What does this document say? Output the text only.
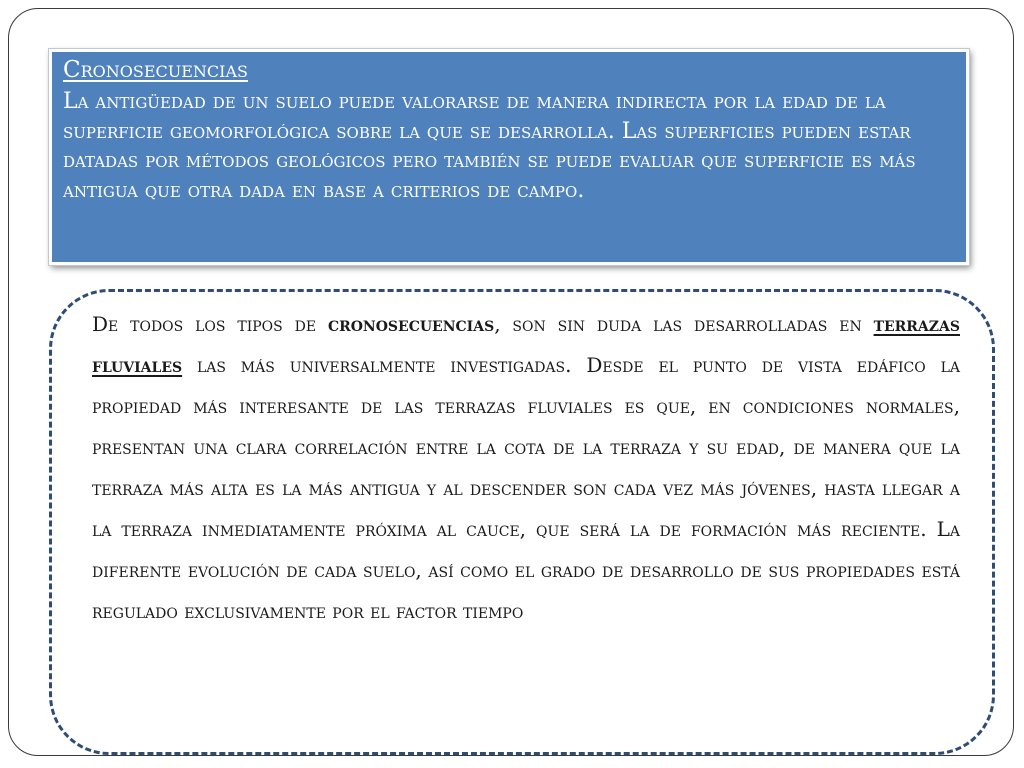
Cronosecuencias

La antigüedad de un suelo puede valorarse de manera indirecta por la edad de la superficie geomorfológica sobre la que se desarrolla. Las superficies pueden estar datadas por métodos geológicos pero también se puede evaluar que superficie es más antigua que otra dada en base a criterios de campo.

De todos los tipos de cronosecuencias, son sin duda las desarrolladas en terrazas fluviales las más universalmente investigadas. Desde el punto de vista edáfico la propiedad más interesante de las terrazas fluviales es que, en condiciones normales, presentan una clara correlación entre la cota de la terraza y su edad, de manera que la terraza más alta es la más antigua y al descender son cada vez más jóvenes, hasta llegar a la terraza inmediatamente próxima al cauce, que será la de formación más reciente. La diferente evolución de cada suelo, así como el grado de desarrollo de sus propiedades está regulado exclusivamente por el factor tiempo
